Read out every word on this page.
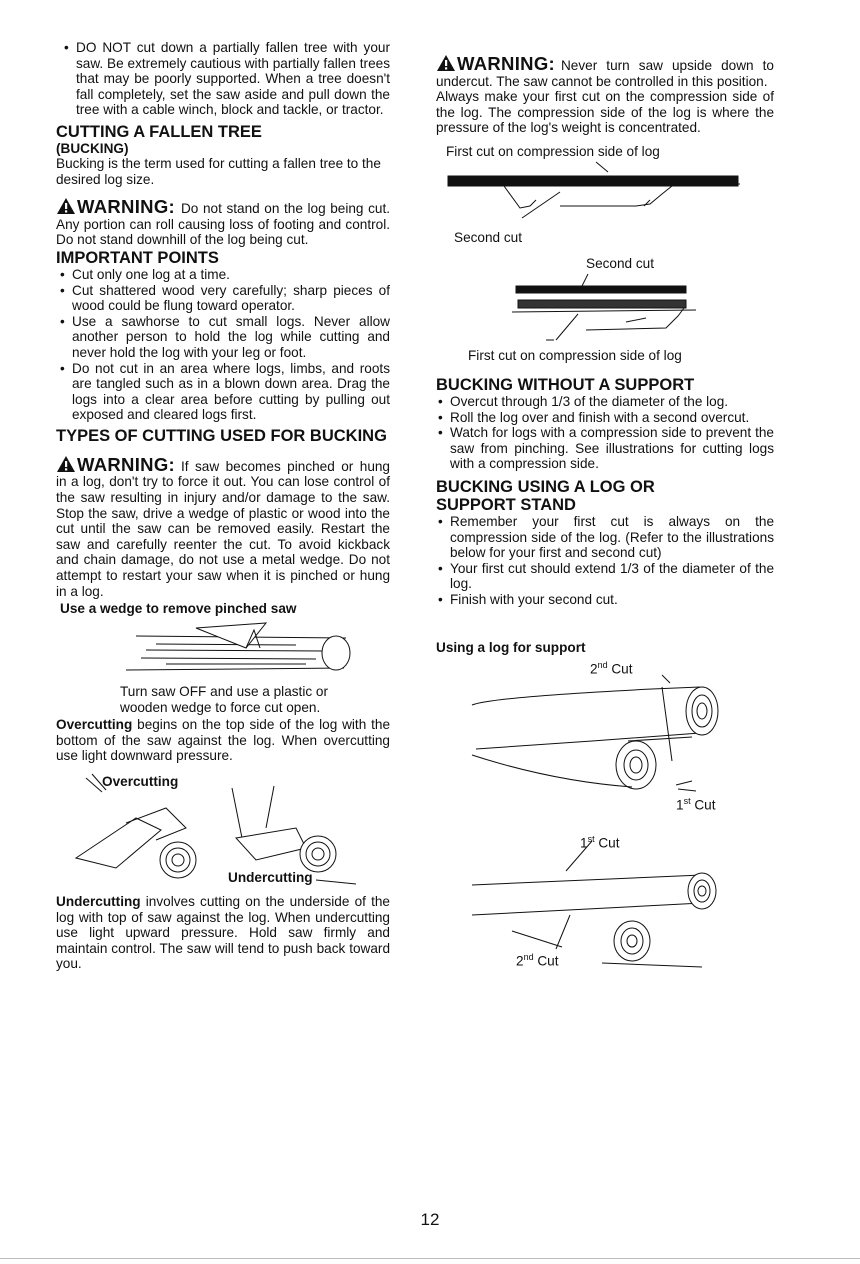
• DO NOT cut down a partially fallen tree with your saw. Be extremely cautious with partially fallen trees that may be poorly supported. When a tree doesn't fall completely, set the saw aside and pull down the tree with a cable winch, block and tackle, or tractor.
CUTTING A FALLEN TREE
(BUCKING)

Bucking is the term used for cutting a fallen tree to the desired log size.

WARNING: Do not stand on the log being cut. Any portion can roll causing loss of footing and control. Do not stand downhill of the log being cut.

IMPORTANT POINTS
• Cut only one log at a time.
• Cut shattered wood very carefully; sharp pieces of wood could be flung toward operator.
• Use a sawhorse to cut small logs. Never allow another person to hold the log while cutting and never hold the log with your leg or foot.
• Do not cut in an area where logs, limbs, and roots are tangled such as in a blown down area. Drag the logs into a clear area before cutting by pulling out exposed and cleared logs first.
TYPES OF CUTTING USED FOR BUCKING

WARNING: If saw becomes pinched or hung in a log, don't try to force it out. You can lose control of the saw resulting in injury and/or damage to the saw. Stop the saw, drive a wedge of plastic or wood into the cut until the saw can be removed easily. Restart the saw and carefully reenter the cut. To avoid kickback and chain damage, do not use a metal wedge. Do not attempt to restart your saw when it is pinched or hung in a log.

Use a wedge to remove pinched saw

Turn saw OFF and use a plastic or wooden wedge to force cut open.

Overcutting begins on the top side of the log with the bottom of the saw against the log. When overcutting use light downward pressure.

Overcutting
Undercutting

Undercutting involves cutting on the underside of the log with top of saw against the log. When undercutting use light upward pressure. Hold saw firmly and maintain control. The saw will tend to push back toward you.

WARNING: Never turn saw upside down to undercut. The saw cannot be controlled in this position.

Always make your first cut on the compression side of the log. The compression side of the log is where the pressure of the log's weight is concentrated.

First cut on compression side of log
Second cut
Second cut
First cut on compression side of log
BUCKING WITHOUT A SUPPORT
• Overcut through 1/3 of the diameter of the log.
• Roll the log over and finish with a second overcut.
• Watch for logs with a compression side to prevent the saw from pinching. See illustrations for cutting logs with a compression side.
BUCKING USING A LOG OR
SUPPORT STAND
• Remember your first cut is always on the compression side of the log. (Refer to the illustrations below for your first and second cut)
• Your first cut should extend 1/3 of the diameter of the log.
• Finish with your second cut.
Using a log for support
2nd Cut
1st Cut
1st Cut
2nd Cut
12
